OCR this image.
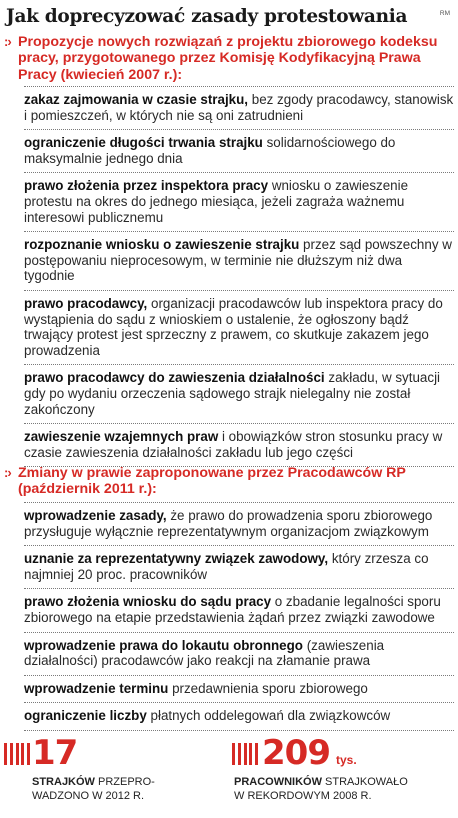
Jak doprecyzować zasady protestowania	RM
:› Propozycje nowych rozwiązań z projektu zbiorowego kodeksu pracy, przygotowanego przez Komisję Kodyfikacyjną Prawa Pracy (kwiecień 2007 r.):
zakaz zajmowania w czasie strajku, bez zgody pracodawcy, stanowisk i pomieszczeń, w których nie są oni zatrudnieni
ograniczenie długości trwania strajku solidarnościowego do maksymalnie jednego dnia
prawo złożenia przez inspektora pracy wniosku o zawieszenie protestu na okres do jednego miesiąca, jeżeli zagraża ważnemu interesowi publicznemu
rozpoznanie wniosku o zawieszenie strajku przez sąd powszechny w postępowaniu nieprocesowym, w terminie nie dłuższym niż dwa tygodnie
prawo pracodawcy, organizacji pracodawców lub inspektora pracy do wystąpienia do sądu z wnioskiem o ustalenie, że ogłoszony bądź trwający protest jest sprzeczny z prawem, co skutkuje zakazem jego prowadzenia
prawo pracodawcy do zawieszenia działalności zakładu, w sytuacji gdy po wydaniu orzeczenia sądowego strajk nielegalny nie został zakończony
zawieszenie wzajemnych praw i obowiązków stron stosunku pracy w czasie zawieszenia działalności zakładu lub jego części
:› Zmiany w prawie zaproponowane przez Pracodawców RP (październik 2011 r.):
wprowadzenie zasady, że prawo do prowadzenia sporu zbiorowego przysługuje wyłącznie reprezentatywnym organizacjom związkowym
uznanie za reprezentatywny związek zawodowy, który zrzesza co najmniej 20 proc. pracowników
prawo złożenia wniosku do sądu pracy o zbadanie legalności sporu zbiorowego na etapie przedstawienia żądań przez związki zawodowe
wprowadzenie prawa do lokautu obronnego (zawieszenia działalności) pracodawców jako reakcji na złamanie prawa
wprowadzenie terminu przedawnienia sporu zbiorowego
ograniczenie liczby płatnych oddelegowań dla związkowców
17
STRAJKÓW PRZEPRO-
WADZONO W 2012 R.
209 tys.
PRACOWNIKÓW STRAJKOWAŁO
W REKORDOWYM 2008 R.
